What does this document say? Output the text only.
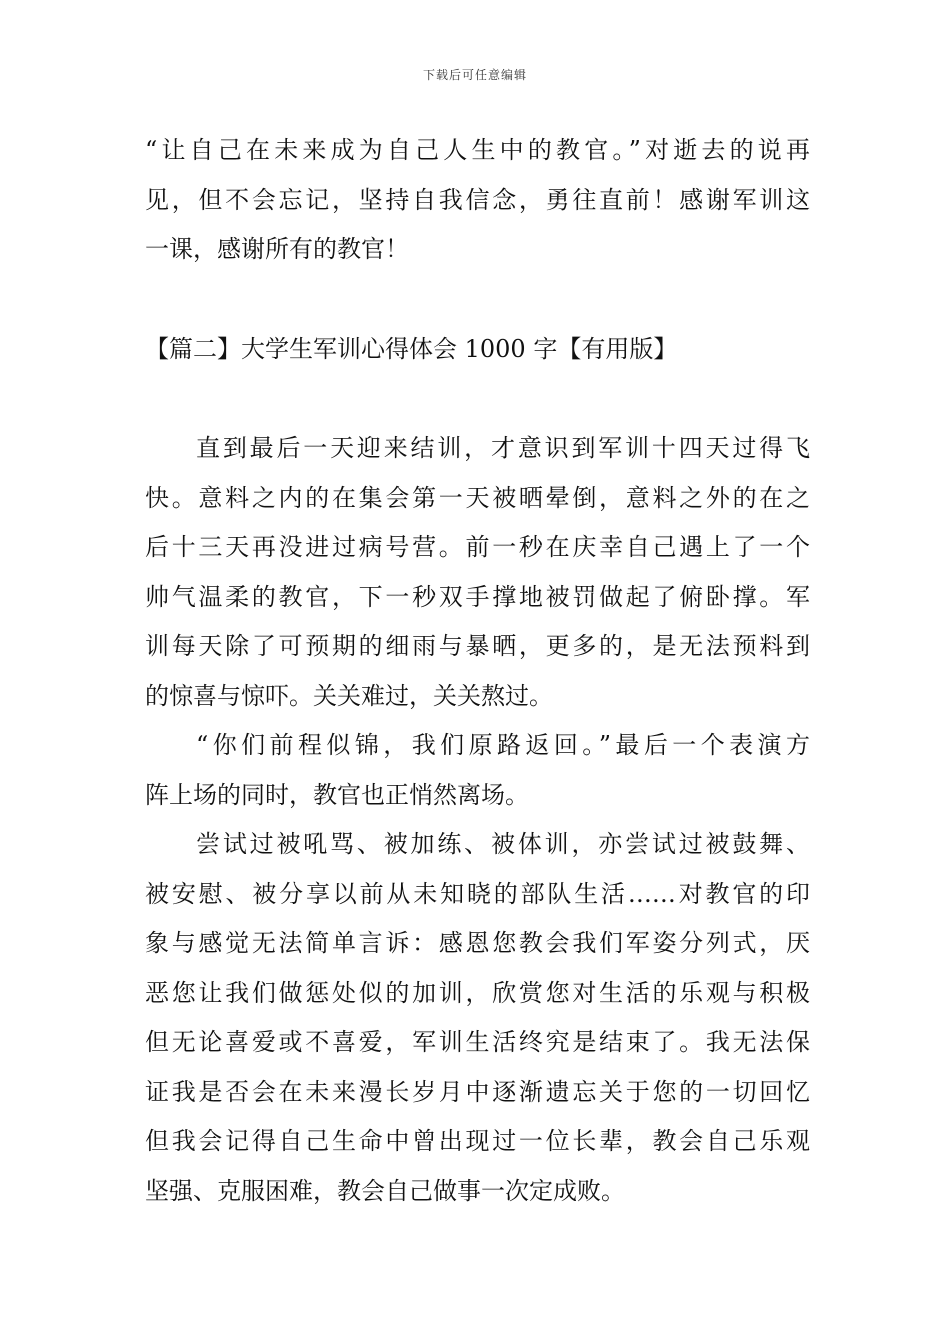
下载后可任意编辑
“让自己在未来成为自己人生中的教官。”对逝去的说再
见，但不会忘记，坚持自我信念，勇往直前！感谢军训这
一课，感谢所有的教官！
【篇二】大学生军训心得体会 1000 字【有用版】
直到最后一天迎来结训，才意识到军训十四天过得飞
快。意料之内的在集会第一天被晒晕倒，意料之外的在之
后十三天再没进过病号营。前一秒在庆幸自己遇上了一个
帅气温柔的教官，下一秒双手撑地被罚做起了俯卧撑。军
训每天除了可预期的细雨与暴晒，更多的，是无法预料到
的惊喜与惊吓。关关难过，关关熬过。
“你们前程似锦，我们原路返回。”最后一个表演方
阵上场的同时，教官也正悄然离场。
尝试过被吼骂、被加练、被体训，亦尝试过被鼓舞、
被安慰、被分享以前从未知晓的部队生活……对教官的印
象与感觉无法简单言诉：感恩您教会我们军姿分列式，厌
恶您让我们做惩处似的加训，欣赏您对生活的乐观与积极
但无论喜爱或不喜爱，军训生活终究是结束了。我无法保
证我是否会在未来漫长岁月中逐渐遗忘关于您的一切回忆
但我会记得自己生命中曾出现过一位长辈，教会自己乐观
坚强、克服困难，教会自己做事一次定成败。
